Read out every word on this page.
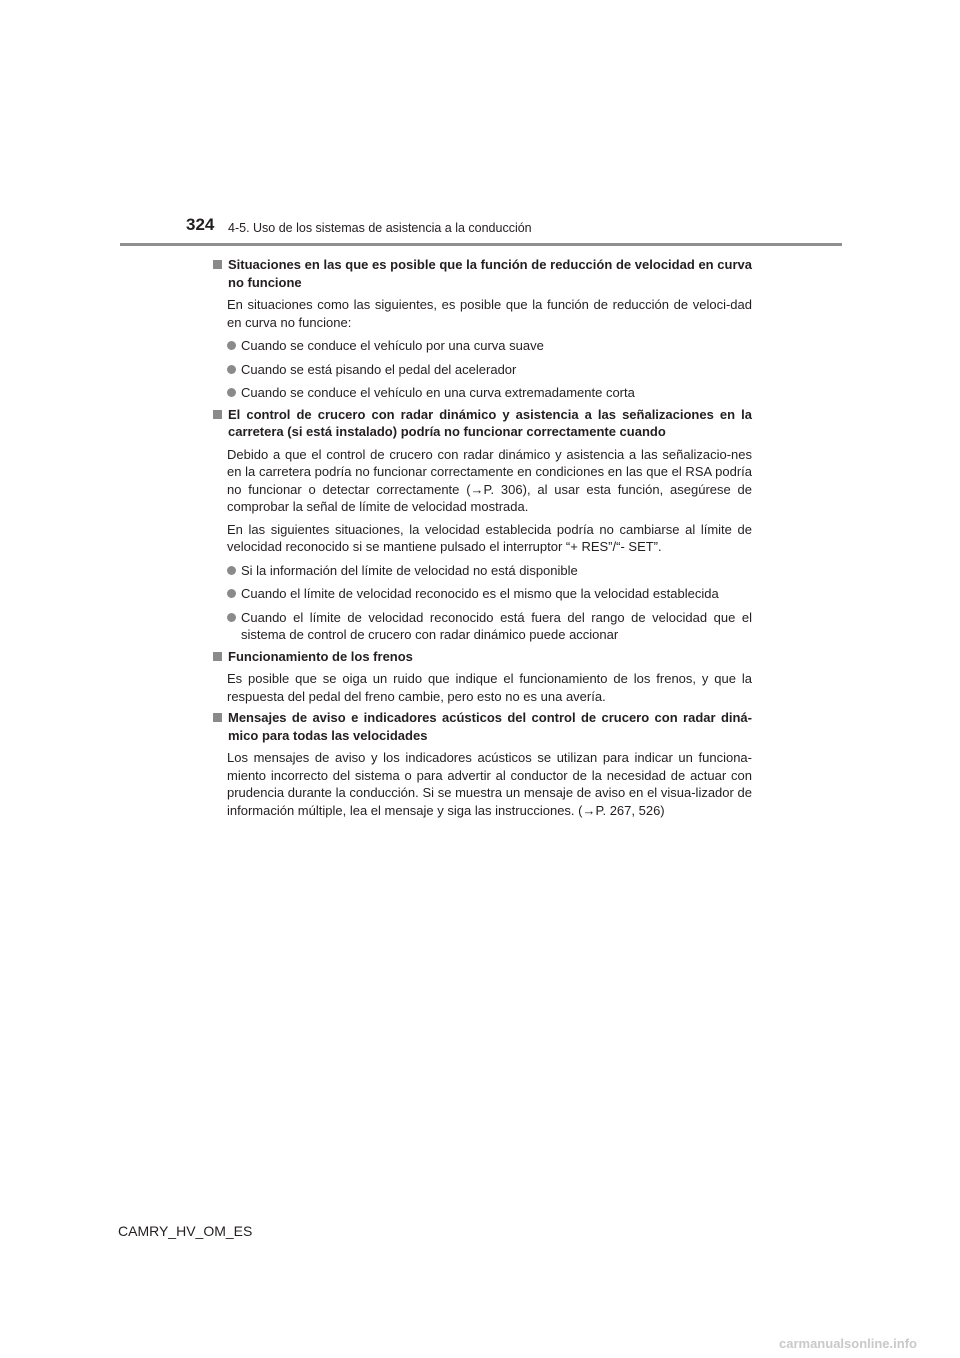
324 4-5. Uso de los sistemas de asistencia a la conducción
Situaciones en las que es posible que la función de reducción de velocidad en curva no funcione

En situaciones como las siguientes, es posible que la función de reducción de veloci-dad en curva no funcione:

Cuando se conduce el vehículo por una curva suave
Cuando se está pisando el pedal del acelerador
Cuando se conduce el vehículo en una curva extremadamente corta
El control de crucero con radar dinámico y asistencia a las señalizaciones en la carretera (si está instalado) podría no funcionar correctamente cuando

Debido a que el control de crucero con radar dinámico y asistencia a las señalizacio-nes en la carretera podría no funcionar correctamente en condiciones en las que el RSA podría no funcionar o detectar correctamente (→P. 306), al usar esta función, asegúrese de comprobar la señal de límite de velocidad mostrada.

En las siguientes situaciones, la velocidad establecida podría no cambiarse al límite de velocidad reconocido si se mantiene pulsado el interruptor “+ RES”/“- SET”.

Si la información del límite de velocidad no está disponible
Cuando el límite de velocidad reconocido es el mismo que la velocidad establecida
Cuando el límite de velocidad reconocido está fuera del rango de velocidad que el sistema de control de crucero con radar dinámico puede accionar
Funcionamiento de los frenos

Es posible que se oiga un ruido que indique el funcionamiento de los frenos, y que la respuesta del pedal del freno cambie, pero esto no es una avería.

Mensajes de aviso e indicadores acústicos del control de crucero con radar diná-mico para todas las velocidades

Los mensajes de aviso y los indicadores acústicos se utilizan para indicar un funciona-miento incorrecto del sistema o para advertir al conductor de la necesidad de actuar con prudencia durante la conducción. Si se muestra un mensaje de aviso en el visua-lizador de información múltiple, lea el mensaje y siga las instrucciones. (→P. 267, 526)

CAMRY_HV_OM_ES
carmanualsonline.info
